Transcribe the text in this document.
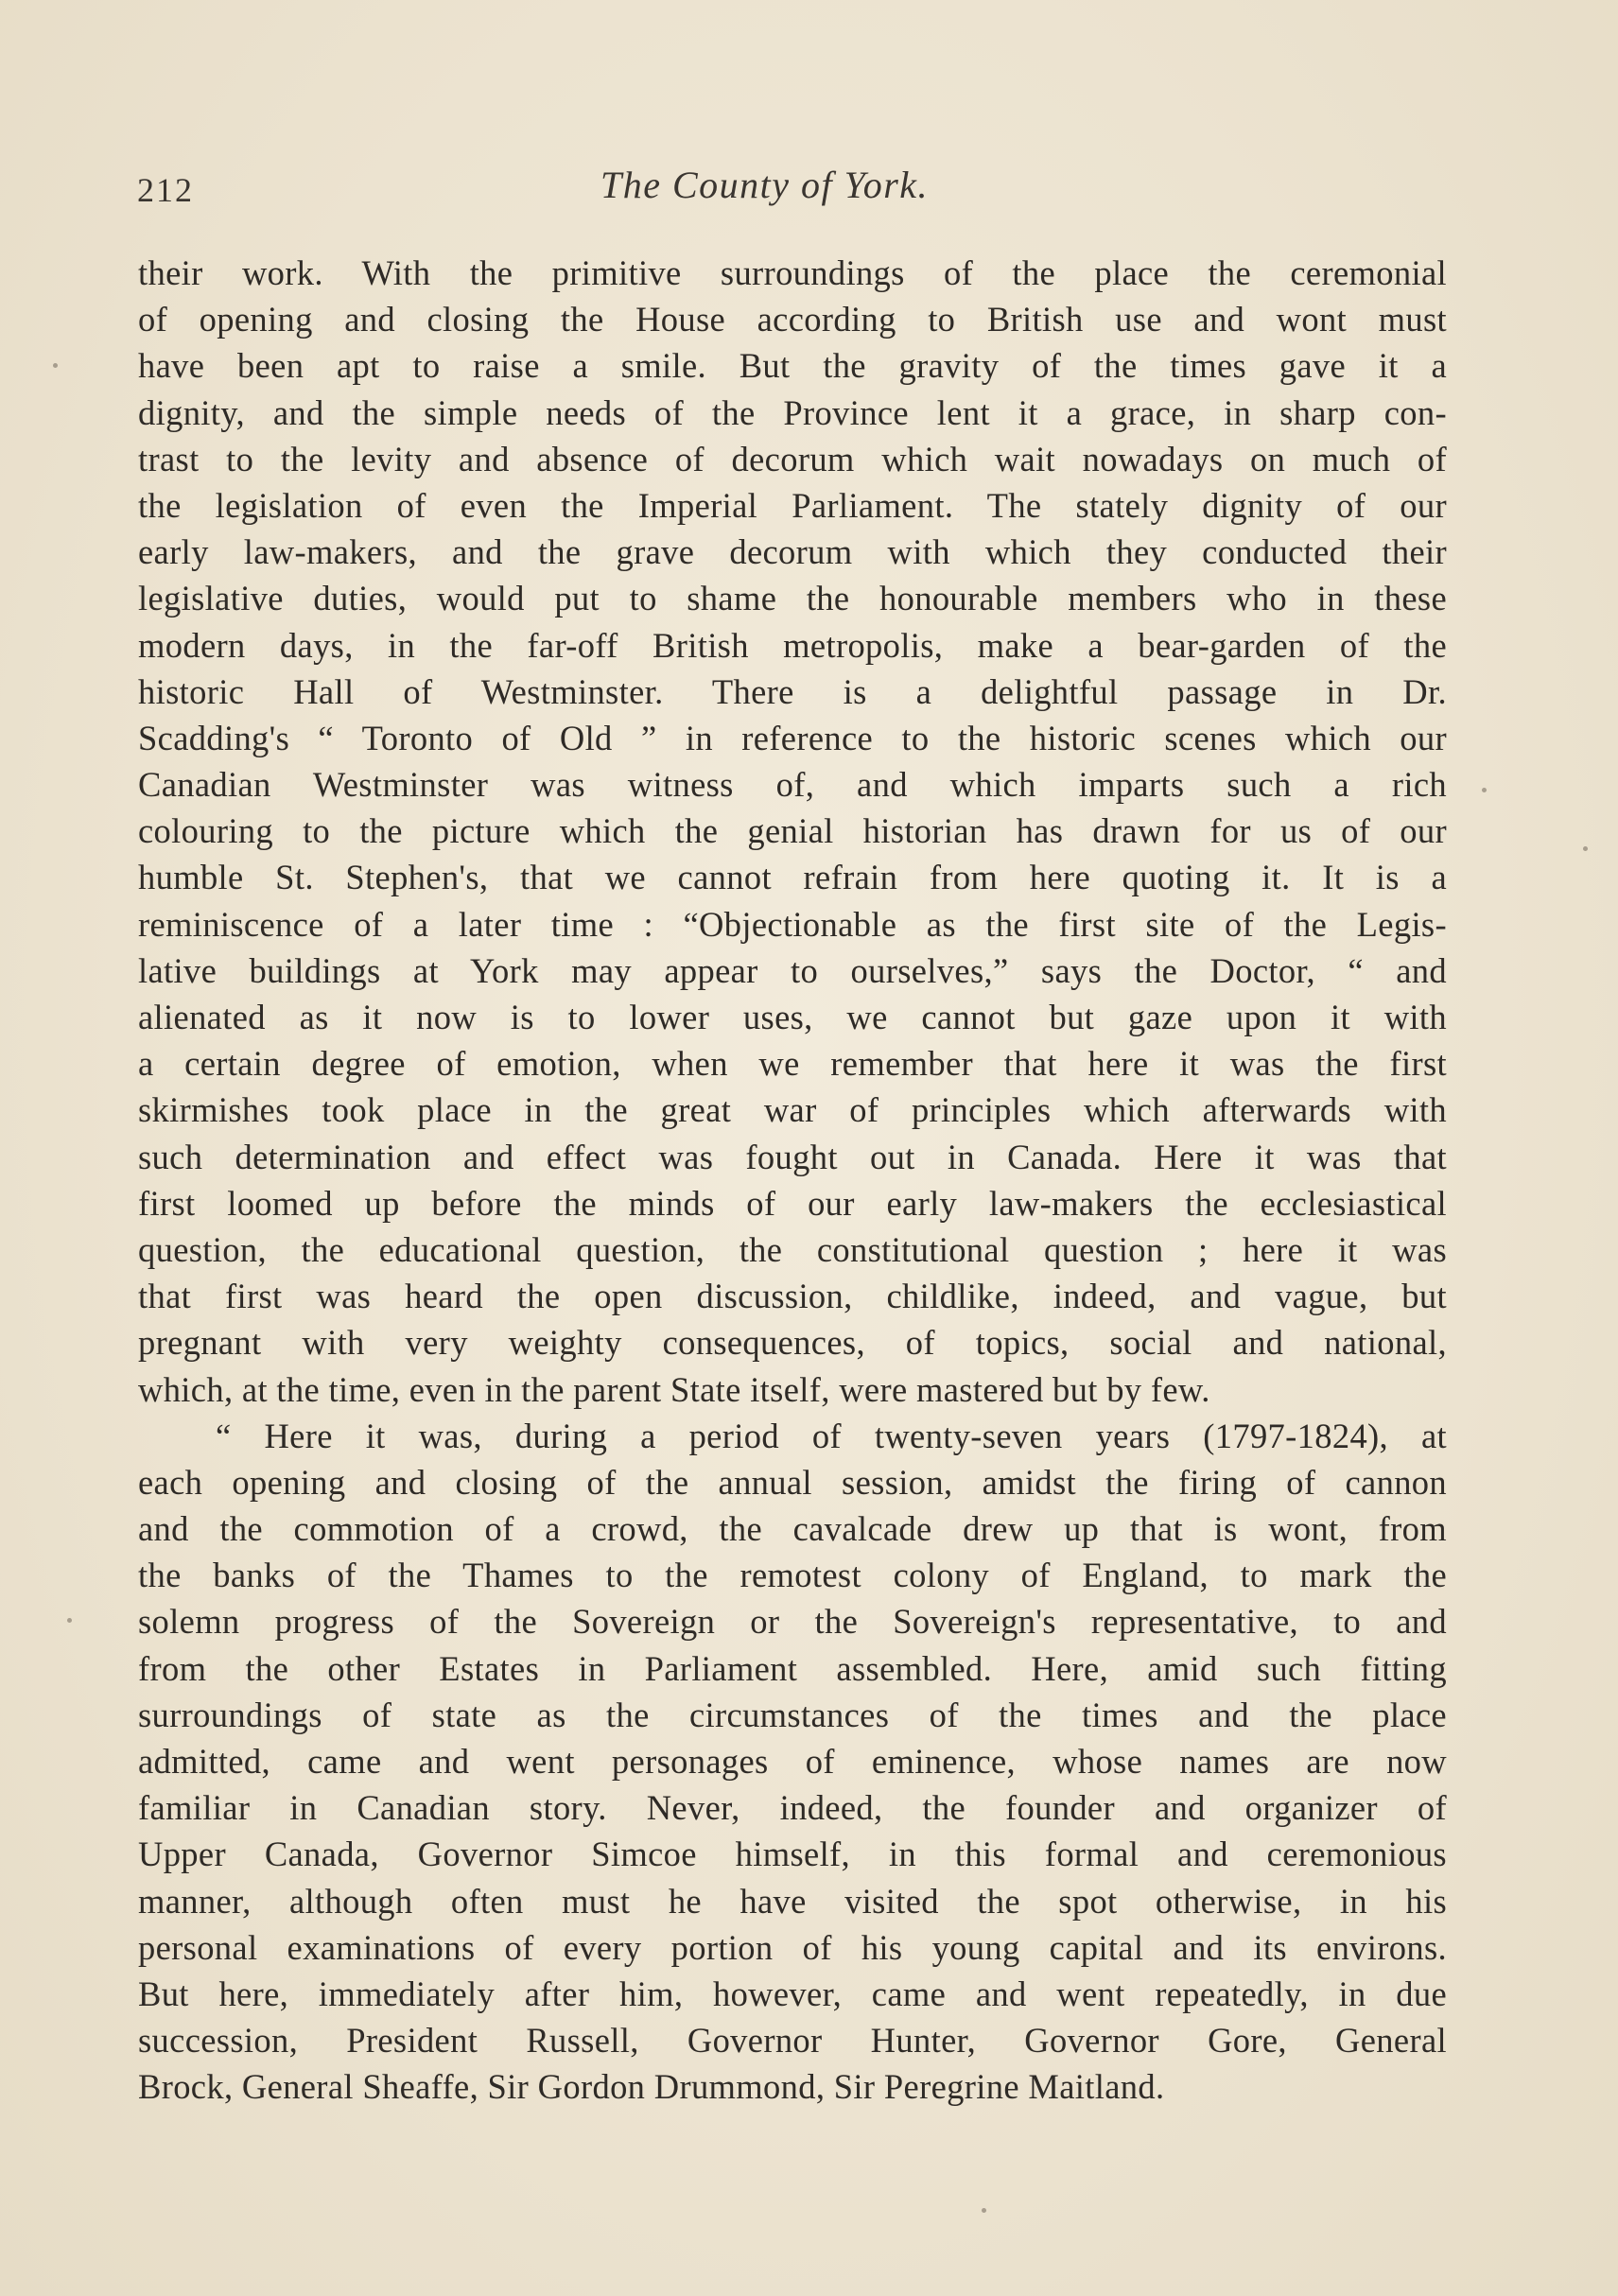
212	The County of York.
their work. With the primitive surroundings of the place the ceremonial
of opening and closing the House according to British use and wont must
have been apt to raise a smile. But the gravity of the times gave it a
dignity, and the simple needs of the Province lent it a grace, in sharp con-
trast to the levity and absence of decorum which wait nowadays on much of
the legislation of even the Imperial Parliament. The stately dignity of our
early law-makers, and the grave decorum with which they conducted their
legislative duties, would put to shame the honourable members who in these
modern days, in the far-off British metropolis, make a bear-garden of the
historic Hall of Westminster. There is a delightful passage in Dr.
Scadding's “ Toronto of Old ” in reference to the historic scenes which our
Canadian Westminster was witness of, and which imparts such a rich
colouring to the picture which the genial historian has drawn for us of our
humble St. Stephen's, that we cannot refrain from here quoting it. It is a
reminiscence of a later time : “Objectionable as the first site of the Legis-
lative buildings at York may appear to ourselves,” says the Doctor, “ and
alienated as it now is to lower uses, we cannot but gaze upon it with
a certain degree of emotion, when we remember that here it was the first
skirmishes took place in the great war of principles which afterwards with
such determination and effect was fought out in Canada. Here it was that
first loomed up before the minds of our early law-makers the ecclesiastical
question, the educational question, the constitutional question ; here it was
that first was heard the open discussion, childlike, indeed, and vague, but
pregnant with very weighty consequences, of topics, social and national,
which, at the time, even in the parent State itself, were mastered but by few.
“ Here it was, during a period of twenty-seven years (1797-1824), at
each opening and closing of the annual session, amidst the firing of cannon
and the commotion of a crowd, the cavalcade drew up that is wont, from
the banks of the Thames to the remotest colony of England, to mark the
solemn progress of the Sovereign or the Sovereign's representative, to and
from the other Estates in Parliament assembled. Here, amid such fitting
surroundings of state as the circumstances of the times and the place
admitted, came and went personages of eminence, whose names are now
familiar in Canadian story. Never, indeed, the founder and organizer of
Upper Canada, Governor Simcoe himself, in this formal and ceremonious
manner, although often must he have visited the spot otherwise, in his
personal examinations of every portion of his young capital and its environs.
But here, immediately after him, however, came and went repeatedly, in due
succession, President Russell, Governor Hunter, Governor Gore, General
Brock, General Sheaffe, Sir Gordon Drummond, Sir Peregrine Maitland.
